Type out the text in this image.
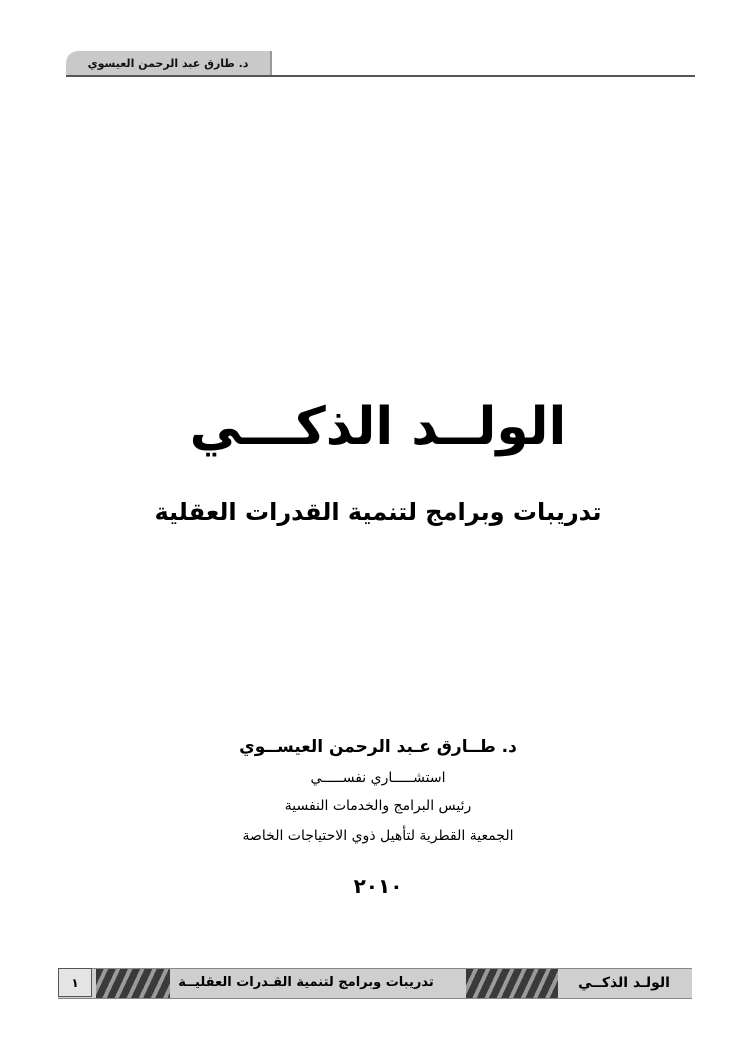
د. طارق عبد الرحمن العيسوي
الولــد الذكـــي
تدريبات وبرامج لتنمية القدرات العقلية
د. طــارق عـبد الرحمن العيســوي
استشـــــاري نفســـــي
رئيس البرامج والخدمات النفسية
الجمعية القطرية لتأهيل ذوي الاحتياجات الخاصة
٢٠١٠
١	تدريبات وبرامج لتنمية القـدرات العقليــة	الولـد الذكــي
